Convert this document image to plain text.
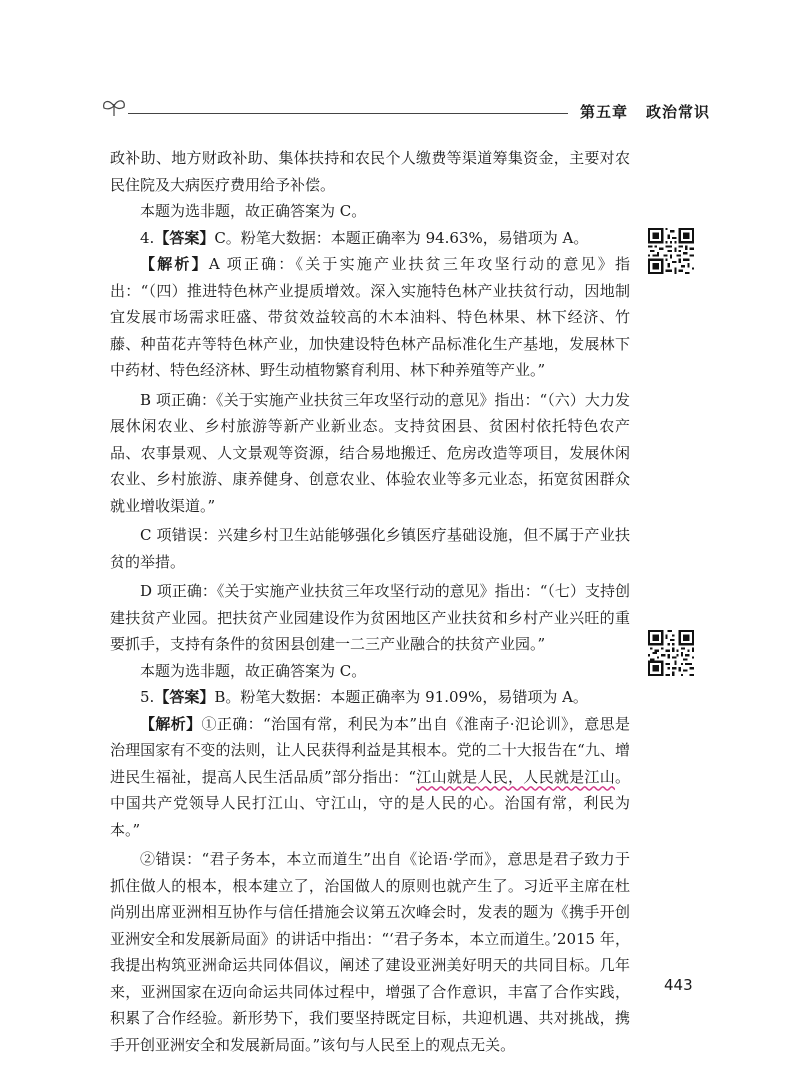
第五章 政治常识

政补助、地方财政补助、集体扶持和农民个人缴费等渠道筹集资金，主要对农民住院及大病医疗费用给予补偿。

本题为选非题，故正确答案为 C。

4.【答案】C。粉笔大数据：本题正确率为 94.63%，易错项为 A。

【解析】A 项正确：《关于实施产业扶贫三年攻坚行动的意见》指出：“（四）推进特色林产业提质增效。深入实施特色林产业扶贫行动，因地制宜发展市场需求旺盛、带贫效益较高的木本油料、特色林果、林下经济、竹藤、种苗花卉等特色林产业，加快建设特色林产品标准化生产基地，发展林下中药材、特色经济林、野生动植物繁育利用、林下种养殖等产业。”

B 项正确：《关于实施产业扶贫三年攻坚行动的意见》指出：“（六）大力发展休闲农业、乡村旅游等新产业新业态。支持贫困县、贫困村依托特色农产品、农事景观、人文景观等资源，结合易地搬迁、危房改造等项目，发展休闲农业、乡村旅游、康养健身、创意农业、体验农业等多元业态，拓宽贫困群众就业增收渠道。”

C 项错误：兴建乡村卫生站能够强化乡镇医疗基础设施，但不属于产业扶贫的举措。

D 项正确：《关于实施产业扶贫三年攻坚行动的意见》指出：“（七）支持创建扶贫产业园。把扶贫产业园建设作为贫困地区产业扶贫和乡村产业兴旺的重要抓手，支持有条件的贫困县创建一二三产业融合的扶贫产业园。”

本题为选非题，故正确答案为 C。

5.【答案】B。粉笔大数据：本题正确率为 91.09%，易错项为 A。

【解析】①正确：“治国有常，利民为本”出自《淮南子·氾论训》，意思是治理国家有不变的法则，让人民获得利益是其根本。党的二十大报告在“九、增进民生福祉，提高人民生活品质”部分指出：“江山就是人民，人民就是江山。中国共产党领导人民打江山、守江山，守的是人民的心。治国有常，利民为本。”

②错误：“君子务本，本立而道生”出自《论语·学而》，意思是君子致力于抓住做人的根本，根本建立了，治国做人的原则也就产生了。习近平主席在杜尚别出席亚洲相互协作与信任措施会议第五次峰会时，发表的题为《携手开创亚洲安全和发展新局面》的讲话中指出：“‘君子务本，本立而道生。’2015 年，我提出构筑亚洲命运共同体倡议，阐述了建设亚洲美好明天的共同目标。几年来，亚洲国家在迈向命运共同体过程中，增强了合作意识，丰富了合作实践，积累了合作经验。新形势下，我们要坚持既定目标，共迎机遇、共对挑战，携手开创亚洲安全和发展新局面。”该句与人民至上的观点无关。

443
